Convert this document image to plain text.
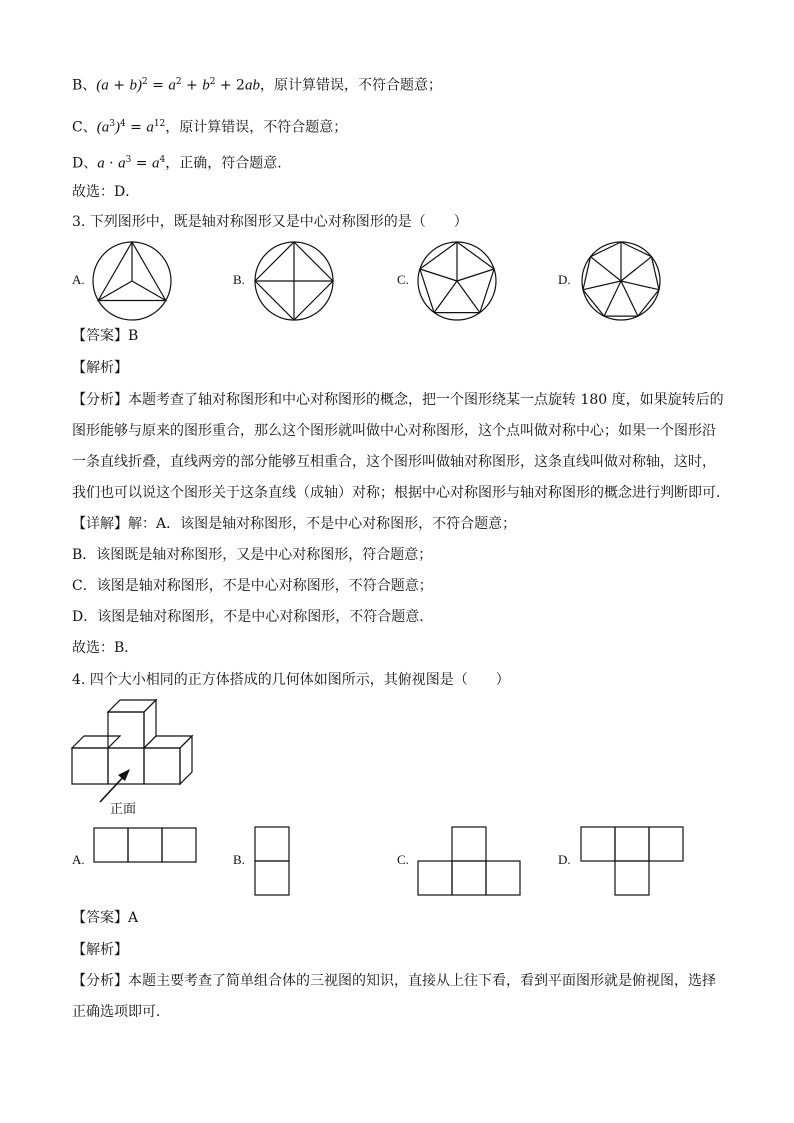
B、$(a + b)^2 = a^2 + b^2 + 2ab$，原计算错误，不符合题意；
C、$(a^3)^4 = a^{12}$，原计算错误，不符合题意；
D、$a \cdot a^3 = a^4$，正确，符合题意．
故选：D．
3. 下列图形中，既是轴对称图形又是中心对称图形的是（　　）
A.	B.	C.	D.
【答案】B
【解析】
【分析】本题考查了轴对称图形和中心对称图形的概念，把一个图形绕某一点旋转 180 度，如果旋转后的
图形能够与原来的图形重合，那么这个图形就叫做中心对称图形，这个点叫做对称中心；如果一个图形沿
一条直线折叠，直线两旁的部分能够互相重合，这个图形叫做轴对称图形，这条直线叫做对称轴，这时，
我们也可以说这个图形关于这条直线（成轴）对称；根据中心对称图形与轴对称图形的概念进行判断即可．
【详解】解：A．该图是轴对称图形，不是中心对称图形，不符合题意；
B．该图既是轴对称图形，又是中心对称图形，符合题意；
C．该图是轴对称图形，不是中心对称图形，不符合题意；
D．该图是轴对称图形，不是中心对称图形，不符合题意．
故选：B．
4. 四个大小相同的正方体搭成的几何体如图所示，其俯视图是（　　）
正面
A.	B.	C.	D.
【答案】A
【解析】
【分析】本题主要考查了简单组合体的三视图的知识，直接从上往下看，看到平面图形就是俯视图，选择
正确选项即可．
